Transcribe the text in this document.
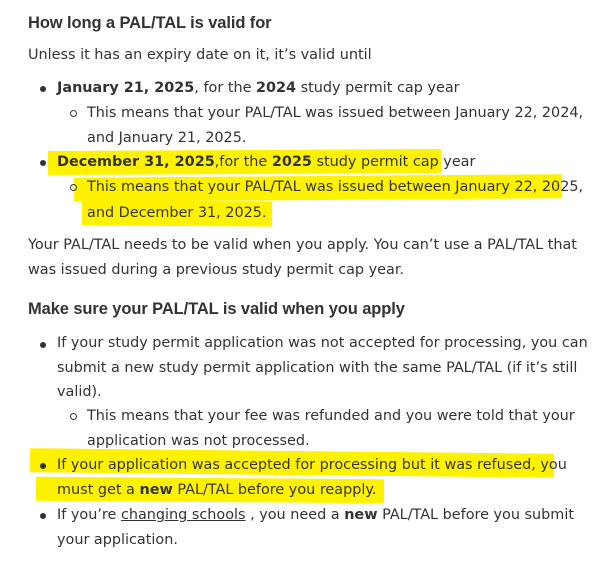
How long a PAL/TAL is valid for

Unless it has an expiry date on it, it’s valid until

January 21, 2025, for the 2024 study permit cap year
This means that your PAL/TAL was issued between January 22, 2024,
and January 21, 2025.
December 31, 2025,for the 2025 study permit cap year
This means that your PAL/TAL was issued between January 22, 2025,
and December 31, 2025.
Your PAL/TAL needs to be valid when you apply. You can’t use a PAL/TAL that
was issued during a previous study permit cap year.
Make sure your PAL/TAL is valid when you apply
If your study permit application was not accepted for processing, you can
submit a new study permit application with the same PAL/TAL (if it’s still
valid).
This means that your fee was refunded and you were told that your
application was not processed.
If your application was accepted for processing but it was refused, you
must get a new PAL/TAL before you reapply.
If you’re changing schools , you need a new PAL/TAL before you submit
your application.
